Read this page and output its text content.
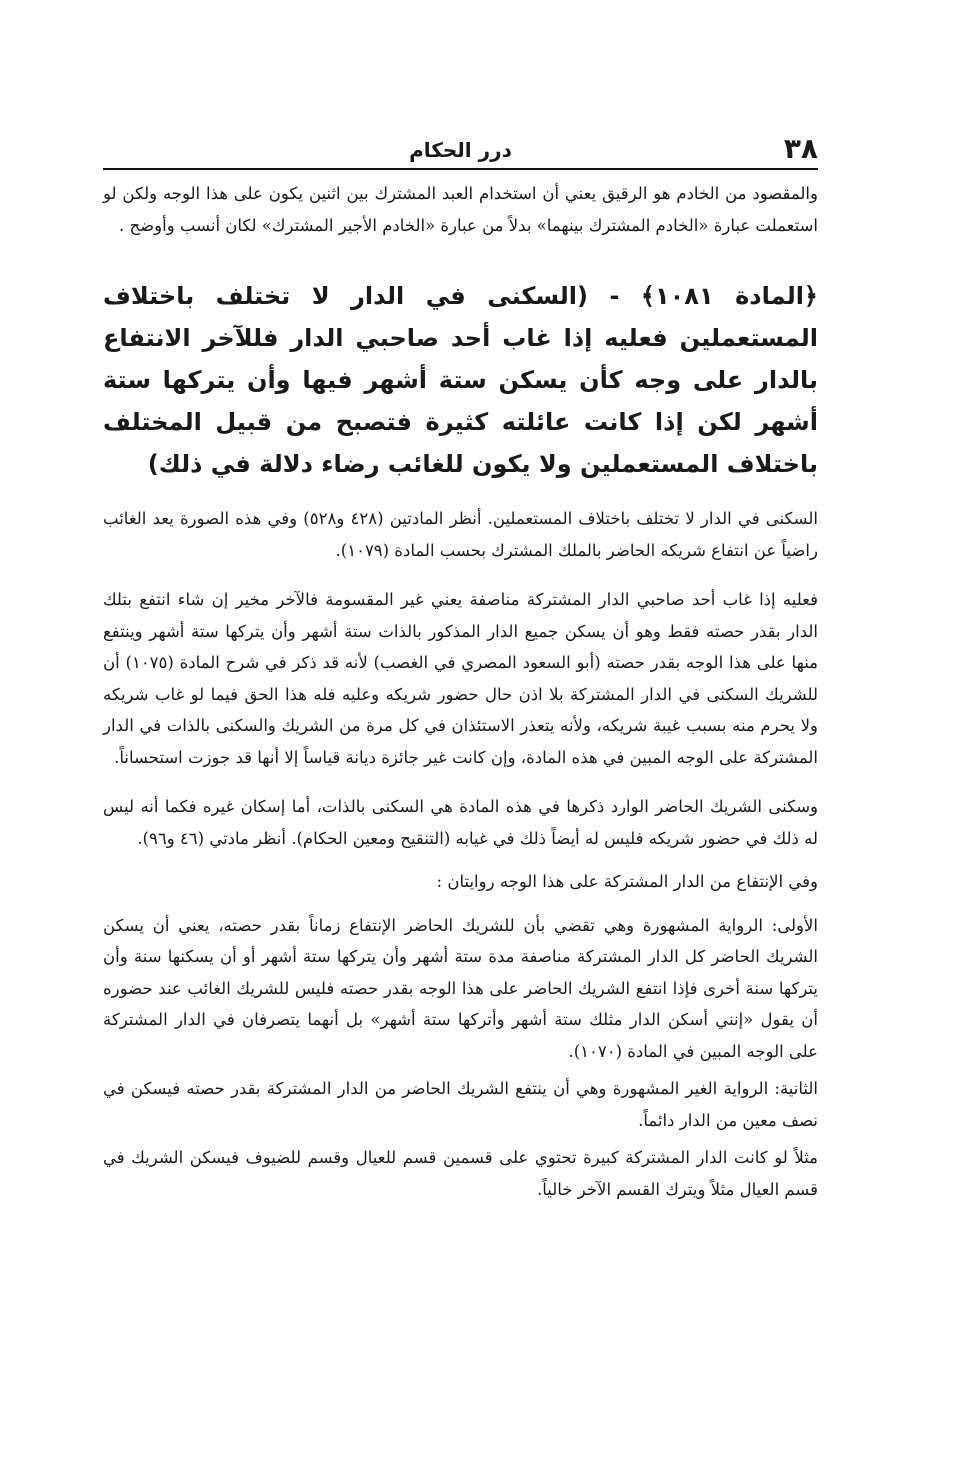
٣٨
درر الحكام

والمقصود من الخادم هو الرقيق يعني أن استخدام العبد المشترك بين اثنين يكون على هذا الوجه ولكن لو استعملت عبارة «الخادم المشترك بينهما» بدلاً من عبارة «الخادم الأجير المشترك» لكان أنسب وأوضح .

﴿المادة ١٠٨١﴾ - (السكنى في الدار لا تختلف باختلاف المستعملين فعليه إذا غاب أحد صاحبي الدار فللآخر الانتفاع بالدار على وجه كأن يسكن ستة أشهر فيها وأن يتركها ستة أشهر لكن إذا كانت عائلته كثيرة فتصبح من قبيل المختلف باختلاف المستعملين ولا يكون للغائب رضاء دلالة في ذلك)

السكنى في الدار لا تختلف باختلاف المستعملين. أنظر المادتين (٤٢٨ و٥٢٨) وفي هذه الصورة يعد الغائب راضياً عن انتفاع شريكه الحاضر بالملك المشترك بحسب المادة (١٠٧٩).

فعليه إذا غاب أحد صاحبي الدار المشتركة مناصفة يعني غير المقسومة فالآخر مخير إن شاء انتفع بتلك الدار بقدر حصته فقط وهو أن يسكن جميع الدار المذكور بالذات ستة أشهر وأن يتركها ستة أشهر وينتفع منها على هذا الوجه بقدر حصته (أبو السعود المصري في الغصب) لأنه قد ذكر في شرح المادة (١٠٧٥) أن للشريك السكنى في الدار المشتركة بلا اذن حال حضور شريكه وعليه فله هذا الحق فيما لو غاب شريكه ولا يحرم منه بسبب غيبة شريكه، ولأنه يتعذر الاستئذان في كل مرة من الشريك والسكنى بالذات في الدار المشتركة على الوجه المبين في هذه المادة، وإن كانت غير جائزة ديانة قياساً إلا أنها قد جوزت استحساناً.

وسكنى الشريك الحاضر الوارد ذكرها في هذه المادة هي السكنى بالذات، أما إسكان غيره فكما أنه ليس له ذلك في حضور شريكه فليس له أيضاً ذلك في غيابه (التنقيح ومعين الحكام). أنظر مادتي (٤٦ و٩٦).

وفي الإنتفاع من الدار المشتركة على هذا الوجه روايتان :

الأولى: الرواية المشهورة وهي تقضي بأن للشريك الحاضر الإنتفاع زماناً بقدر حصته، يعني أن يسكن الشريك الحاضر كل الدار المشتركة مناصفة مدة ستة أشهر وأن يتركها ستة أشهر أو أن يسكنها سنة وأن يتركها سنة أخرى فإذا انتفع الشريك الحاضر على هذا الوجه بقدر حصته فليس للشريك الغائب عند حضوره أن يقول «إنني أسكن الدار مثلك ستة أشهر وأتركها ستة أشهر» بل أنهما يتصرفان في الدار المشتركة على الوجه المبين في المادة (١٠٧٠).

الثانية: الرواية الغير المشهورة وهي أن ينتفع الشريك الحاضر من الدار المشتركة بقدر حصته فيسكن في نصف معين من الدار دائماً.

مثلاً لو كانت الدار المشتركة كبيرة تحتوي على قسمين قسم للعيال وقسم للضيوف فيسكن الشريك في قسم العيال مثلاً ويترك القسم الآخر خالياً.
